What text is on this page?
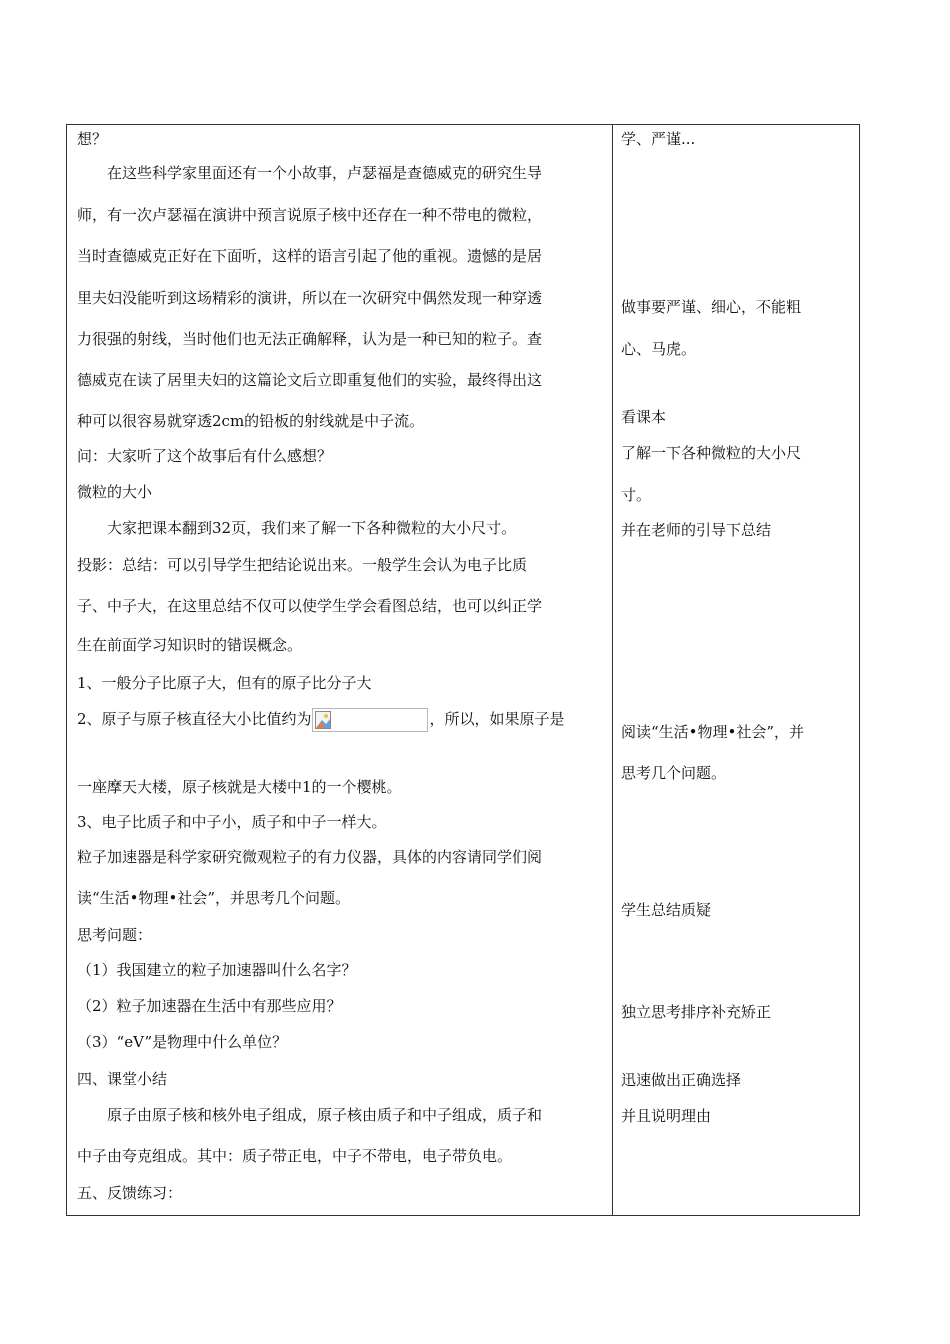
想？
在这些科学家里面还有一个小故事，卢瑟福是查德威克的研究生导
师，有一次卢瑟福在演讲中预言说原子核中还存在一种不带电的微粒，
当时查德威克正好在下面听，这样的语言引起了他的重视。遗憾的是居
里夫妇没能听到这场精彩的演讲，所以在一次研究中偶然发现一种穿透
力很强的射线，当时他们也无法正确解释，认为是一种已知的粒子。查
德威克在读了居里夫妇的这篇论文后立即重复他们的实验，最终得出这
种可以很容易就穿透2cm的铅板的射线就是中子流。
问：大家听了这个故事后有什么感想？
微粒的大小
大家把课本翻到32页，我们来了解一下各种微粒的大小尺寸。
投影：总结：可以引导学生把结论说出来。一般学生会认为电子比质
子、中子大，在这里总结不仅可以使学生学会看图总结，也可以纠正学
生在前面学习知识时的错误概念。
1、一般分子比原子大，但有的原子比分子大
2、原子与原子核直径大小比值约为	，所以，如果原子是
一座摩天大楼，原子核就是大楼中1的一个樱桃。
3、电子比质子和中子小，质子和中子一样大。
粒子加速器是科学家研究微观粒子的有力仪器，具体的内容请同学们阅
读“生活•物理•社会”，并思考几个问题。
思考问题：
（1）我国建立的粒子加速器叫什么名字？
（2）粒子加速器在生活中有那些应用？
（3）“eV”是物理中什么单位？
四、课堂小结
原子由原子核和核外电子组成，原子核由质子和中子组成，质子和
中子由夸克组成。其中：质子带正电，中子不带电，电子带负电。
五、反馈练习：
学、严谨...
做事要严谨、细心，不能粗
心、马虎。
看课本
了解一下各种微粒的大小尺
寸。
并在老师的引导下总结
阅读“生活•物理•社会”，并
思考几个问题。
学生总结质疑
独立思考排序补充矫正
迅速做出正确选择
并且说明理由
